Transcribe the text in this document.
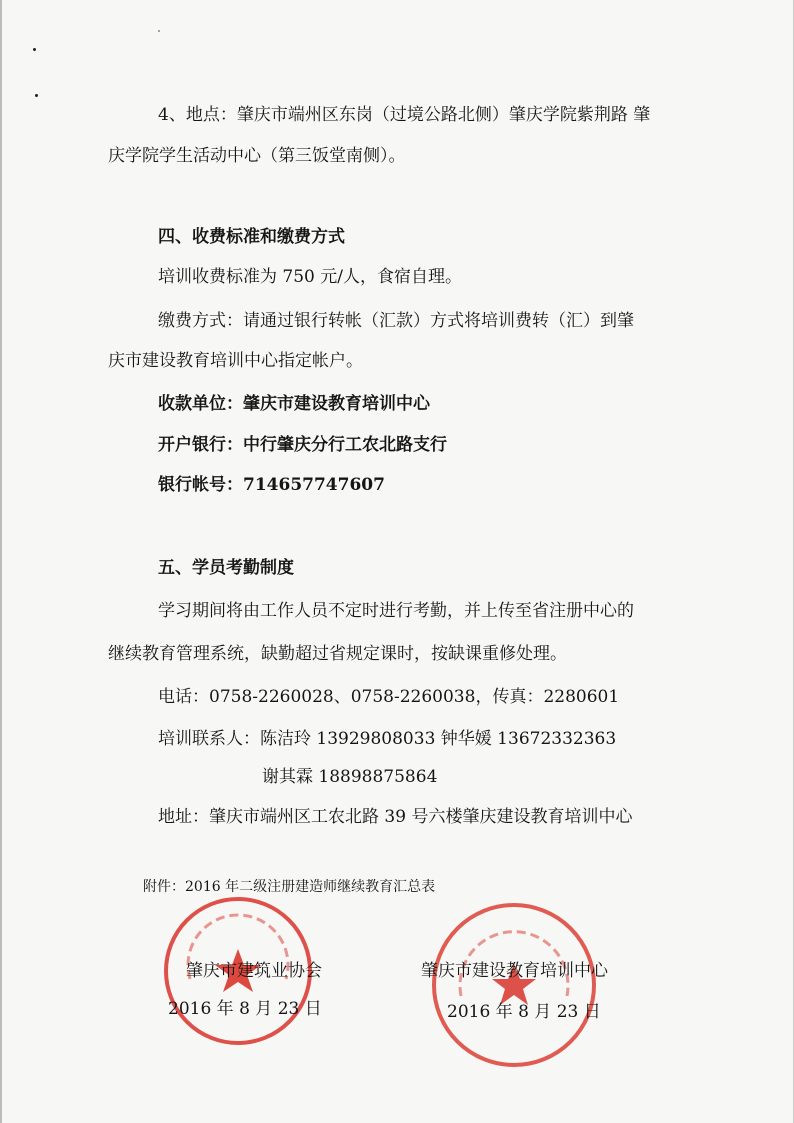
4、地点：肇庆市端州区东岗（过境公路北侧）肇庆学院紫荆路 肇
庆学院学生活动中心（第三饭堂南侧）。
四、收费标准和缴费方式
培训收费标准为 750 元/人，食宿自理。
缴费方式：请通过银行转帐（汇款）方式将培训费转（汇）到肇
庆市建设教育培训中心指定帐户。
收款单位：肇庆市建设教育培训中心
开户银行：中行肇庆分行工农北路支行
银行帐号：714657747607
五、学员考勤制度
学习期间将由工作人员不定时进行考勤，并上传至省注册中心的
继续教育管理系统，缺勤超过省规定课时，按缺课重修处理。
电话：0758-2260028、0758-2260038，传真：2280601
培训联系人：陈洁玲 13929808033 钟华媛 13672332363
谢其霖 18898875864
地址：肇庆市端州区工农北路 39 号六楼肇庆建设教育培训中心
附件：2016 年二级注册建造师继续教育汇总表
肇庆市建筑业协会
2016 年 8 月 23 日
肇庆市建设教育培训中心
2016 年 8 月 23 日
